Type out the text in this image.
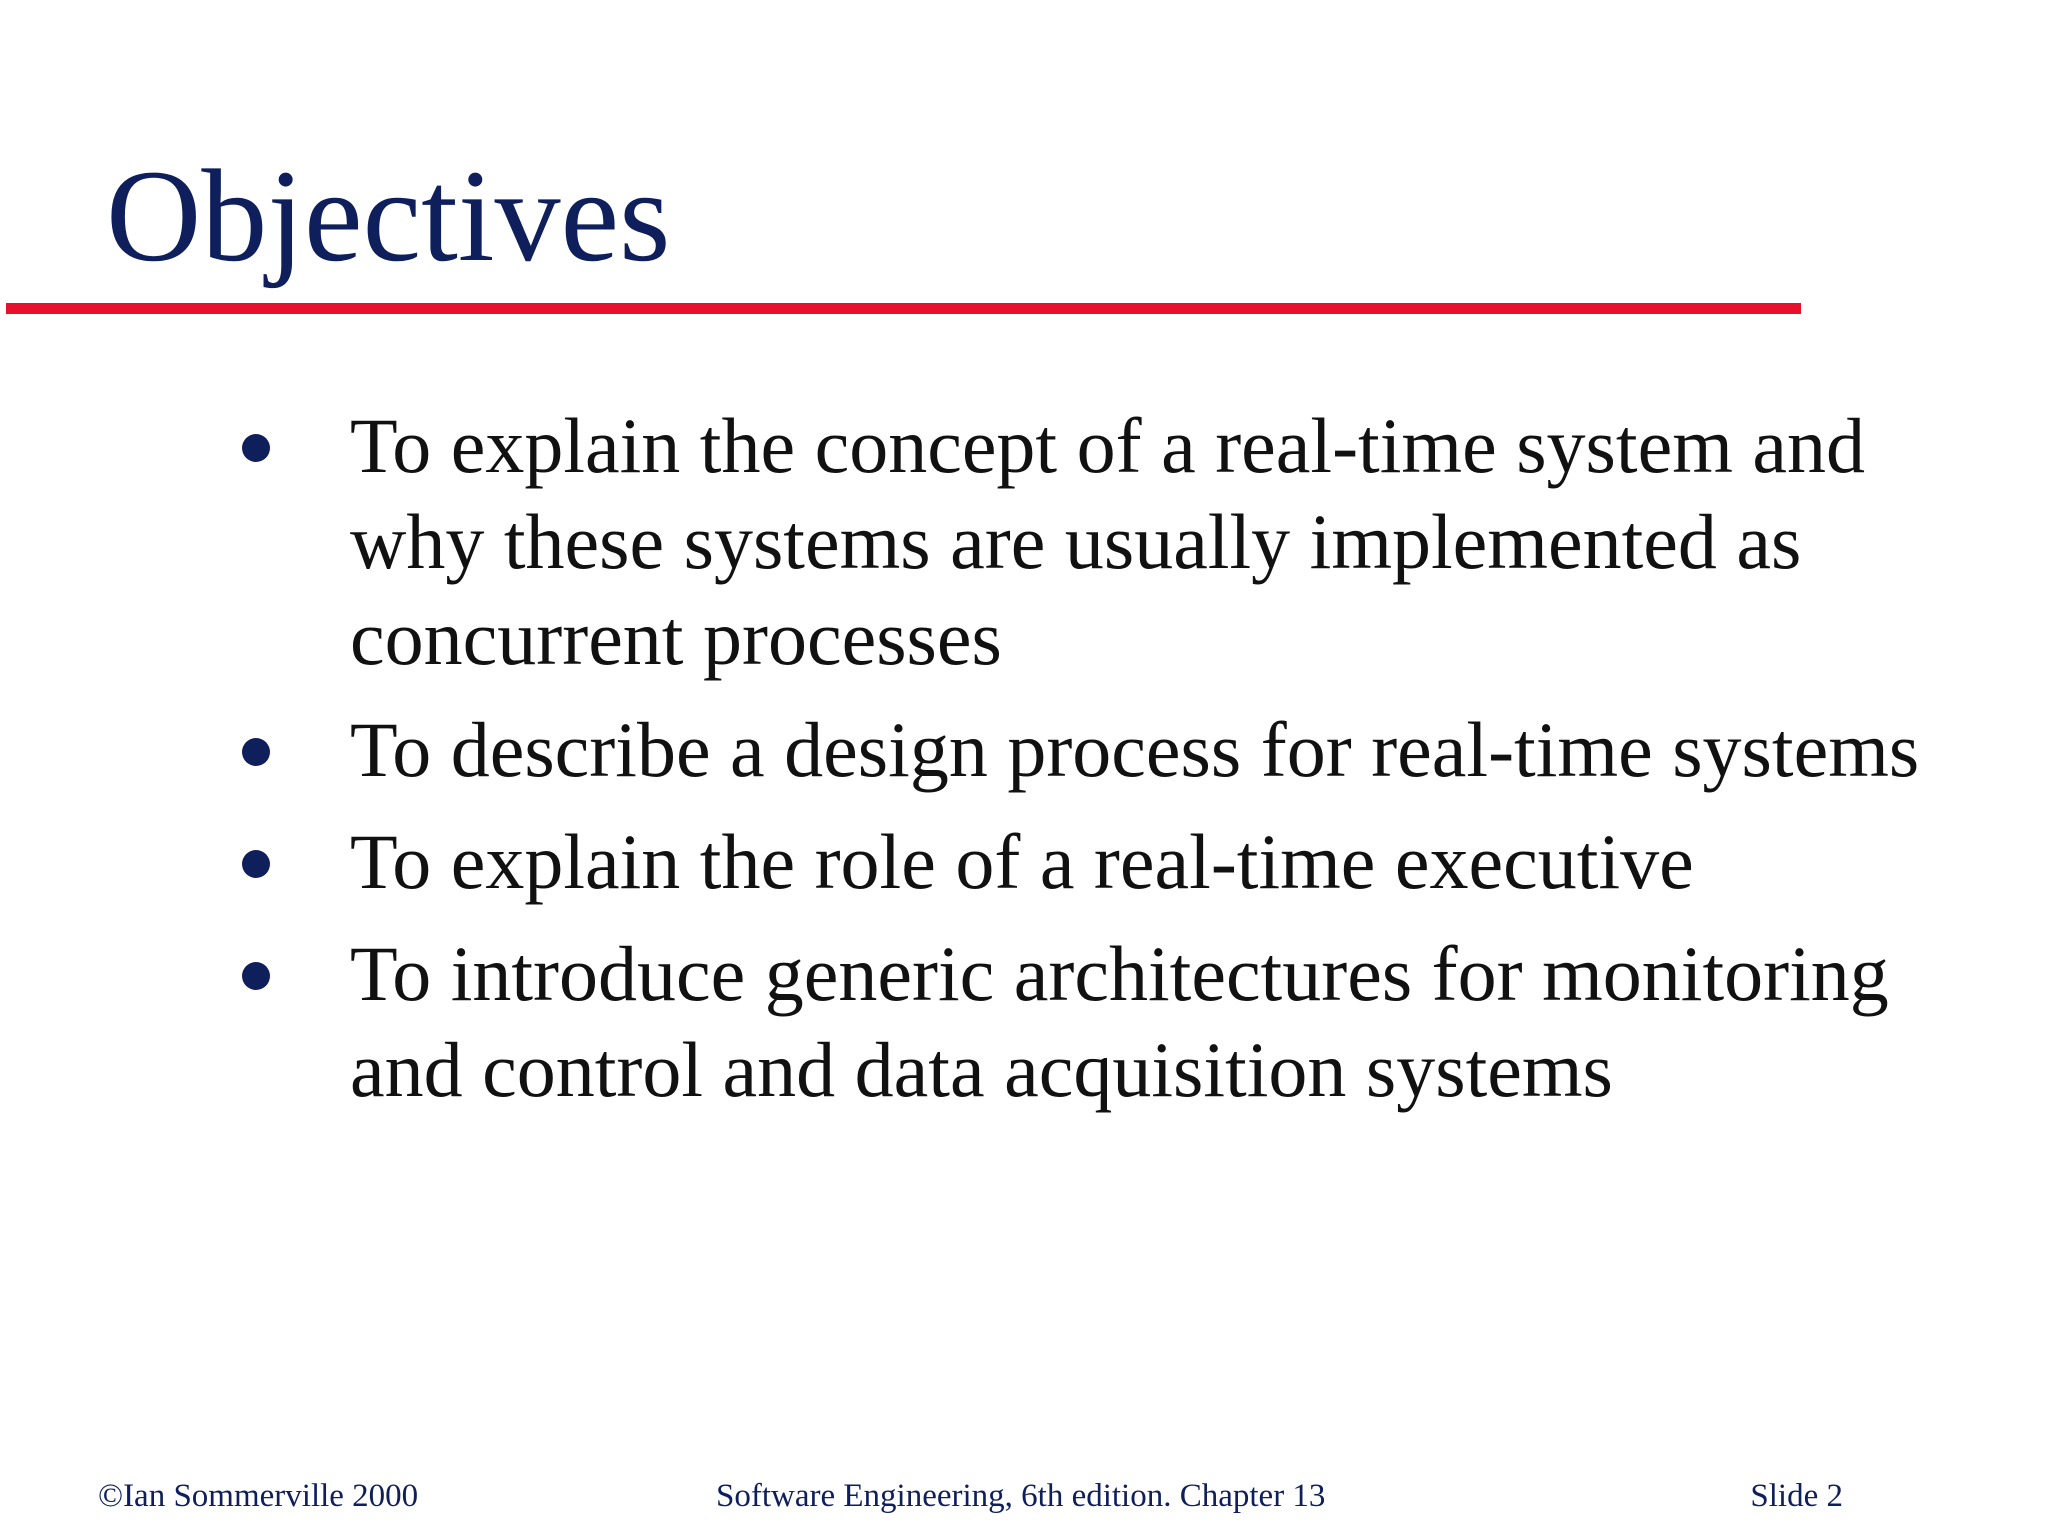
Objectives
To explain the concept of a real-time system and why these systems are usually implemented as concurrent processes
To describe a design process for real-time systems
To explain the role of a real-time executive
To introduce generic architectures for monitoring and control and data acquisition systems
©Ian Sommerville 2000	Software Engineering, 6th edition. Chapter 13	Slide 2
